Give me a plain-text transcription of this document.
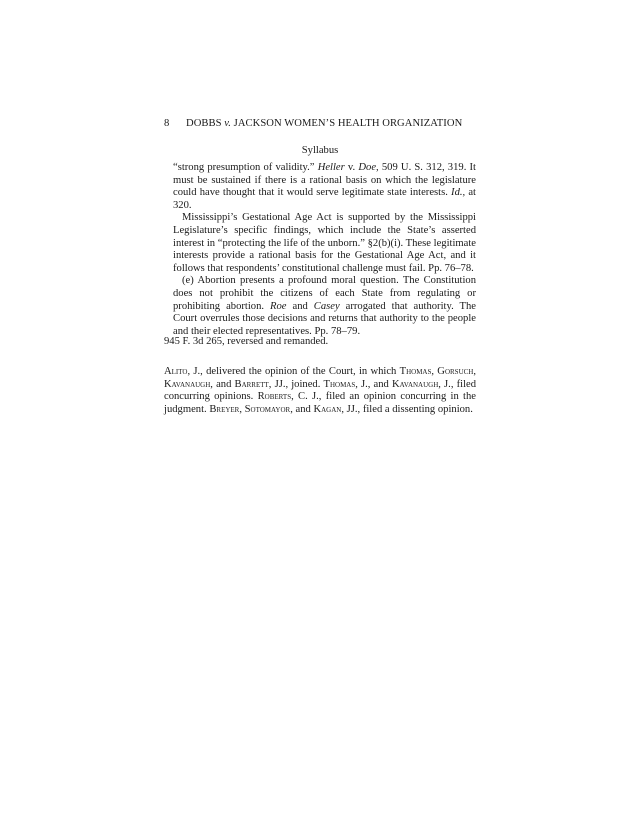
8 DOBBS v. JACKSON WOMEN’S HEALTH ORGANIZATION
Syllabus

“strong presumption of validity.” Heller v. Doe, 509 U. S. 312, 319. It must be sustained if there is a rational basis on which the legislature could have thought that it would serve legitimate state interests. Id., at 320.

Mississippi’s Gestational Age Act is supported by the Mississippi Legislature’s specific findings, which include the State’s asserted interest in “protecting the life of the unborn.” §2(b)(i). These legitimate interests provide a rational basis for the Gestational Age Act, and it follows that respondents’ constitutional challenge must fail. Pp. 76–78.

(e) Abortion presents a profound moral question. The Constitution does not prohibit the citizens of each State from regulating or prohibiting abortion. Roe and Casey arrogated that authority. The Court overrules those decisions and returns that authority to the people and their elected representatives. Pp. 78–79.

945 F. 3d 265, reversed and remanded.
Alito, J., delivered the opinion of the Court, in which Thomas, Gorsuch, Kavanaugh, and Barrett, JJ., joined. Thomas, J., and Kavanaugh, J., filed concurring opinions. Roberts, C. J., filed an opinion concurring in the judgment. Breyer, Sotomayor, and Kagan, JJ., filed a dissenting opinion.
